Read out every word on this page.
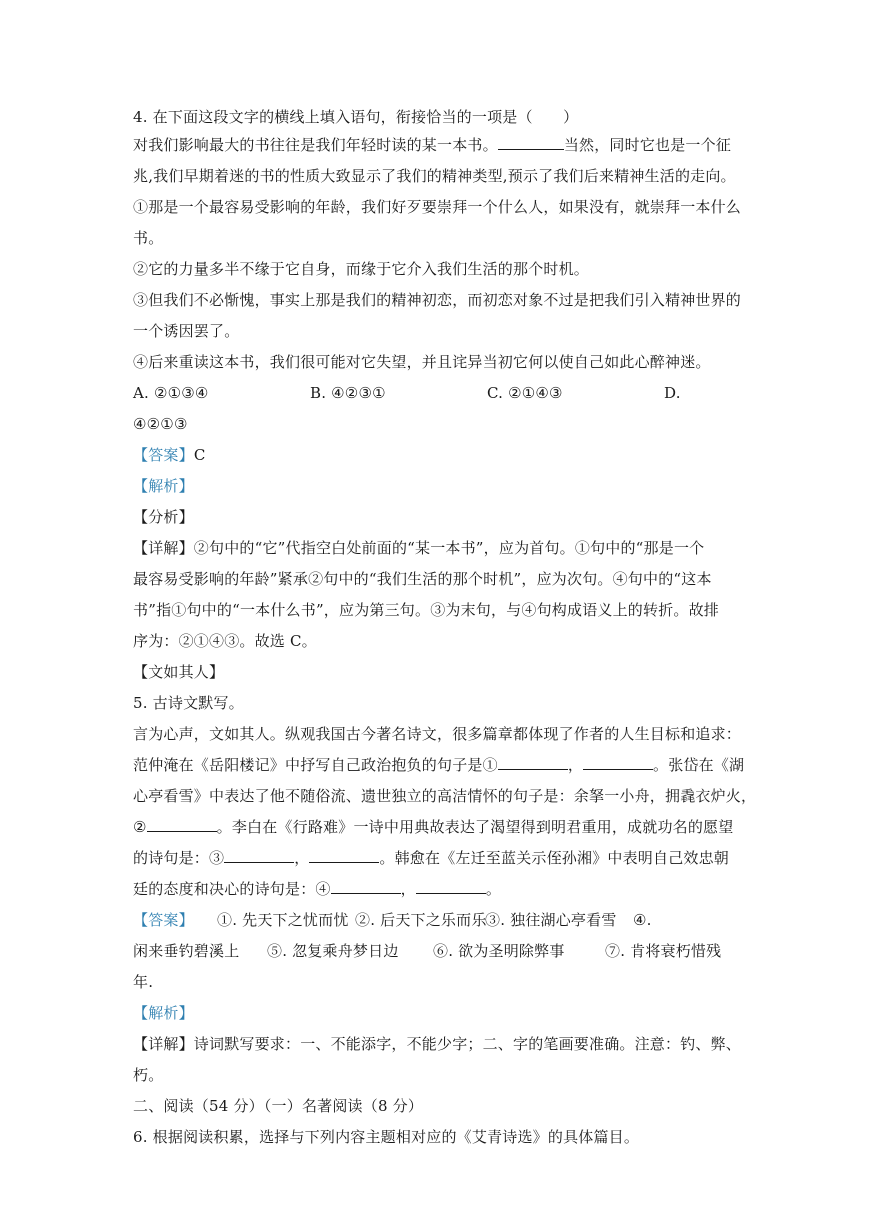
4. 在下面这段文字的横线上填入语句，衔接恰当的一项是（　　）
对我们影响最大的书往往是我们年轻时读的某一本书。	当然，同时它也是一个征
兆,我们早期着迷的书的性质大致显示了我们的精神类型,预示了我们后来精神生活的走向。
①那是一个最容易受影响的年龄，我们好歹要崇拜一个什么人，如果没有，就崇拜一本什么
书。
②它的力量多半不缘于它自身，而缘于它介入我们生活的那个时机。
③但我们不必惭愧，事实上那是我们的精神初恋，而初恋对象不过是把我们引入精神世界的
一个诱因罢了。
④后来重读这本书，我们很可能对它失望，并且诧异当初它何以使自己如此心醉神迷。
A. ②①③④	B. ④②③①	C. ②①④③	D.
④②①③
【答案】C
【解析】
【分析】
【详解】②句中的“它”代指空白处前面的“某一本书”，应为首句。①句中的“那是一个
最容易受影响的年龄”紧承②句中的“我们生活的那个时机”，应为次句。④句中的“这本
书”指①句中的“一本什么书”，应为第三句。③为末句，与④句构成语义上的转折。故排
序为：②①④③。故选 C。
【文如其人】
5. 古诗文默写。
言为心声，文如其人。纵观我国古今著名诗文，很多篇章都体现了作者的人生目标和追求：
范仲淹在《岳阳楼记》中抒写自己政治抱负的句子是①	，	。张岱在《湖
心亭看雪》中表达了他不随俗流、遗世独立的高洁情怀的句子是：余拏一小舟，拥毳衣炉火，
②	。李白在《行路难》一诗中用典故表达了渴望得到明君重用，成就功名的愿望
的诗句是：③	，	。韩愈在《左迁至蓝关示侄孙湘》中表明自己效忠朝
廷的态度和决心的诗句是：④	，	。
【答案】 ①. 先天下之忧而忧 ②. 后天下之乐而乐③. 独往湖心亭看雪 ④.
闲来垂钓碧溪上 ⑤. 忽复乘舟梦日边 ⑥. 欲为圣明除弊事	⑦. 肯将衰朽惜残
年.
【解析】
【详解】诗词默写要求：一、不能添字，不能少字；二、字的笔画要准确。注意：钓、弊、
朽。
二、阅读（54 分）（一）名著阅读（8 分）
6. 根据阅读积累，选择与下列内容主题相对应的《艾青诗选》的具体篇目。
